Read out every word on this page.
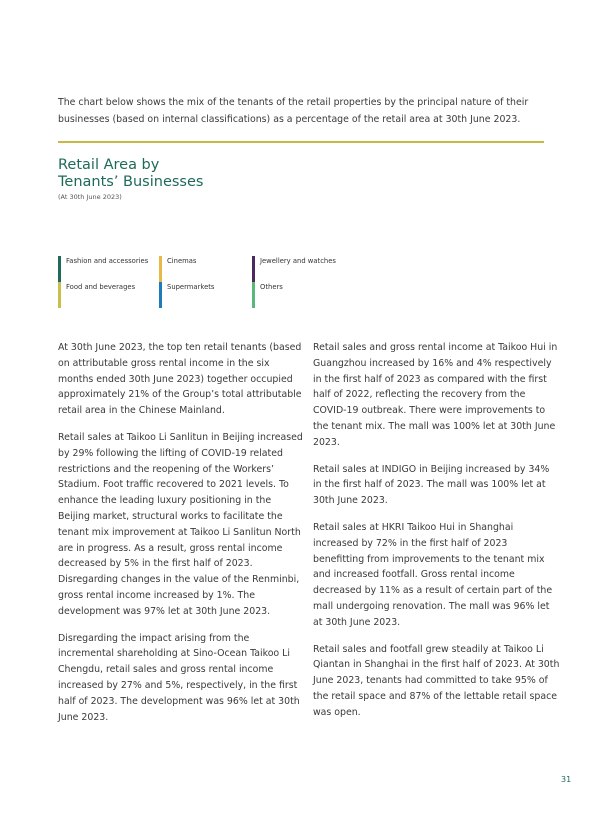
The chart below shows the mix of the tenants of the retail properties by the principal nature of their businesses (based on internal classifications) as a percentage of the retail area at 30th June 2023.

Retail Area by
Tenants’ Businesses

(At 30th June 2023)

Fashion and accessories	Cinemas	Jewellery and watches
Food and beverages	Supermarkets	Others

At 30th June 2023, the top ten retail tenants (based on attributable gross rental income in the six months ended 30th June 2023) together occupied approximately 21% of the Group’s total attributable retail area in the Chinese Mainland.

Retail sales at Taikoo Li Sanlitun in Beijing increased by 29% following the lifting of COVID-19 related restrictions and the reopening of the Workers’ Stadium. Foot traffic recovered to 2021 levels. To enhance the leading luxury positioning in the Beijing market, structural works to facilitate the tenant mix improvement at Taikoo Li Sanlitun North are in progress. As a result, gross rental income decreased by 5% in the first half of 2023. Disregarding changes in the value of the Renminbi, gross rental income increased by 1%. The development was 97% let at 30th June 2023.

Disregarding the impact arising from the incremental shareholding at Sino-Ocean Taikoo Li Chengdu, retail sales and gross rental income increased by 27% and 5%, respectively, in the first half of 2023. The development was 96% let at 30th June 2023.

Retail sales and gross rental income at Taikoo Hui in Guangzhou increased by 16% and 4% respectively in the first half of 2023 as compared with the first half of 2022, reflecting the recovery from the COVID-19 outbreak. There were improvements to the tenant mix. The mall was 100% let at 30th June 2023.

Retail sales at INDIGO in Beijing increased by 34% in the first half of 2023. The mall was 100% let at 30th June 2023.

Retail sales at HKRI Taikoo Hui in Shanghai increased by 72% in the first half of 2023 benefitting from improvements to the tenant mix and increased footfall. Gross rental income decreased by 11% as a result of certain part of the mall undergoing renovation. The mall was 96% let at 30th June 2023.

Retail sales and footfall grew steadily at Taikoo Li Qiantan in Shanghai in the first half of 2023. At 30th June 2023, tenants had committed to take 95% of the retail space and 87% of the lettable retail space was open.

31
